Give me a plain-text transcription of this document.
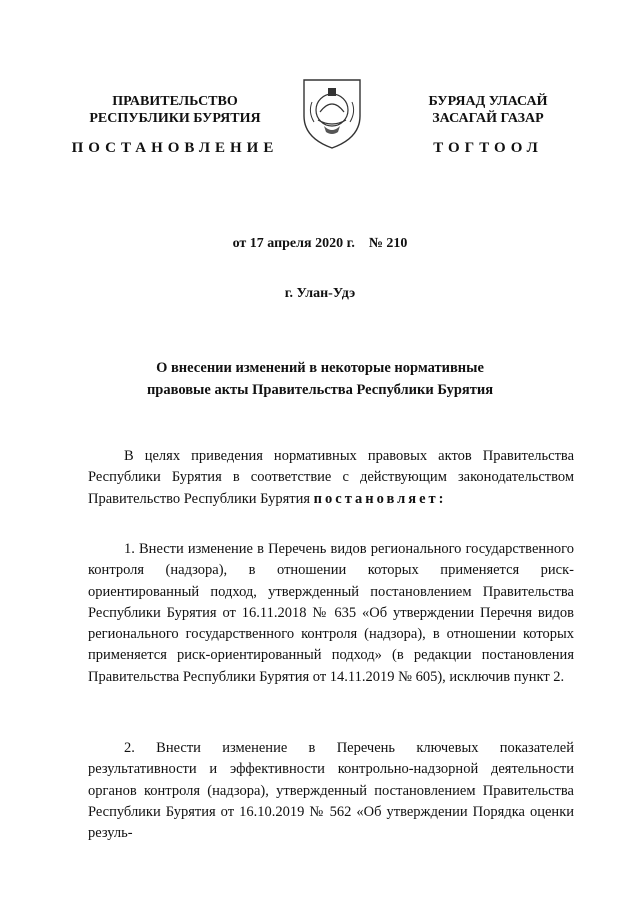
ПРАВИТЕЛЬСТВО
РЕСПУБЛИКИ БУРЯТИЯ
БУРЯАД УЛАСАЙ
ЗАСАГАЙ ГАЗАР
ПОСТАНОВЛЕНИЕ	ТОГТООЛ
от 17 апреля 2020 г.    № 210
г. Улан-Удэ
О внесении изменений в некоторые нормативные
правовые акты Правительства Республики Бурятия

В целях приведения нормативных правовых актов Правительства Республики Бурятия в соответствие с действующим законодательством Правительство Республики Бурятия постановляет:

1. Внести изменение в Перечень видов регионального государственного контроля (надзора), в отношении которых применяется риск-ориентированный подход, утвержденный постановлением Правительства Республики Бурятия от 16.11.2018 № 635 «Об утверждении Перечня видов регионального государственного контроля (надзора), в отношении которых применяется риск-ориентированный подход» (в редакции постановления Правительства Республики Бурятия от 14.11.2019 № 605), исключив пункт 2.

2. Внести изменение в Перечень ключевых показателей результативности и эффективности контрольно-надзорной деятельности органов контроля (надзора), утвержденный постановлением Правительства Республики Бурятия от 16.10.2019 № 562 «Об утверждении Порядка оценки резуль-
